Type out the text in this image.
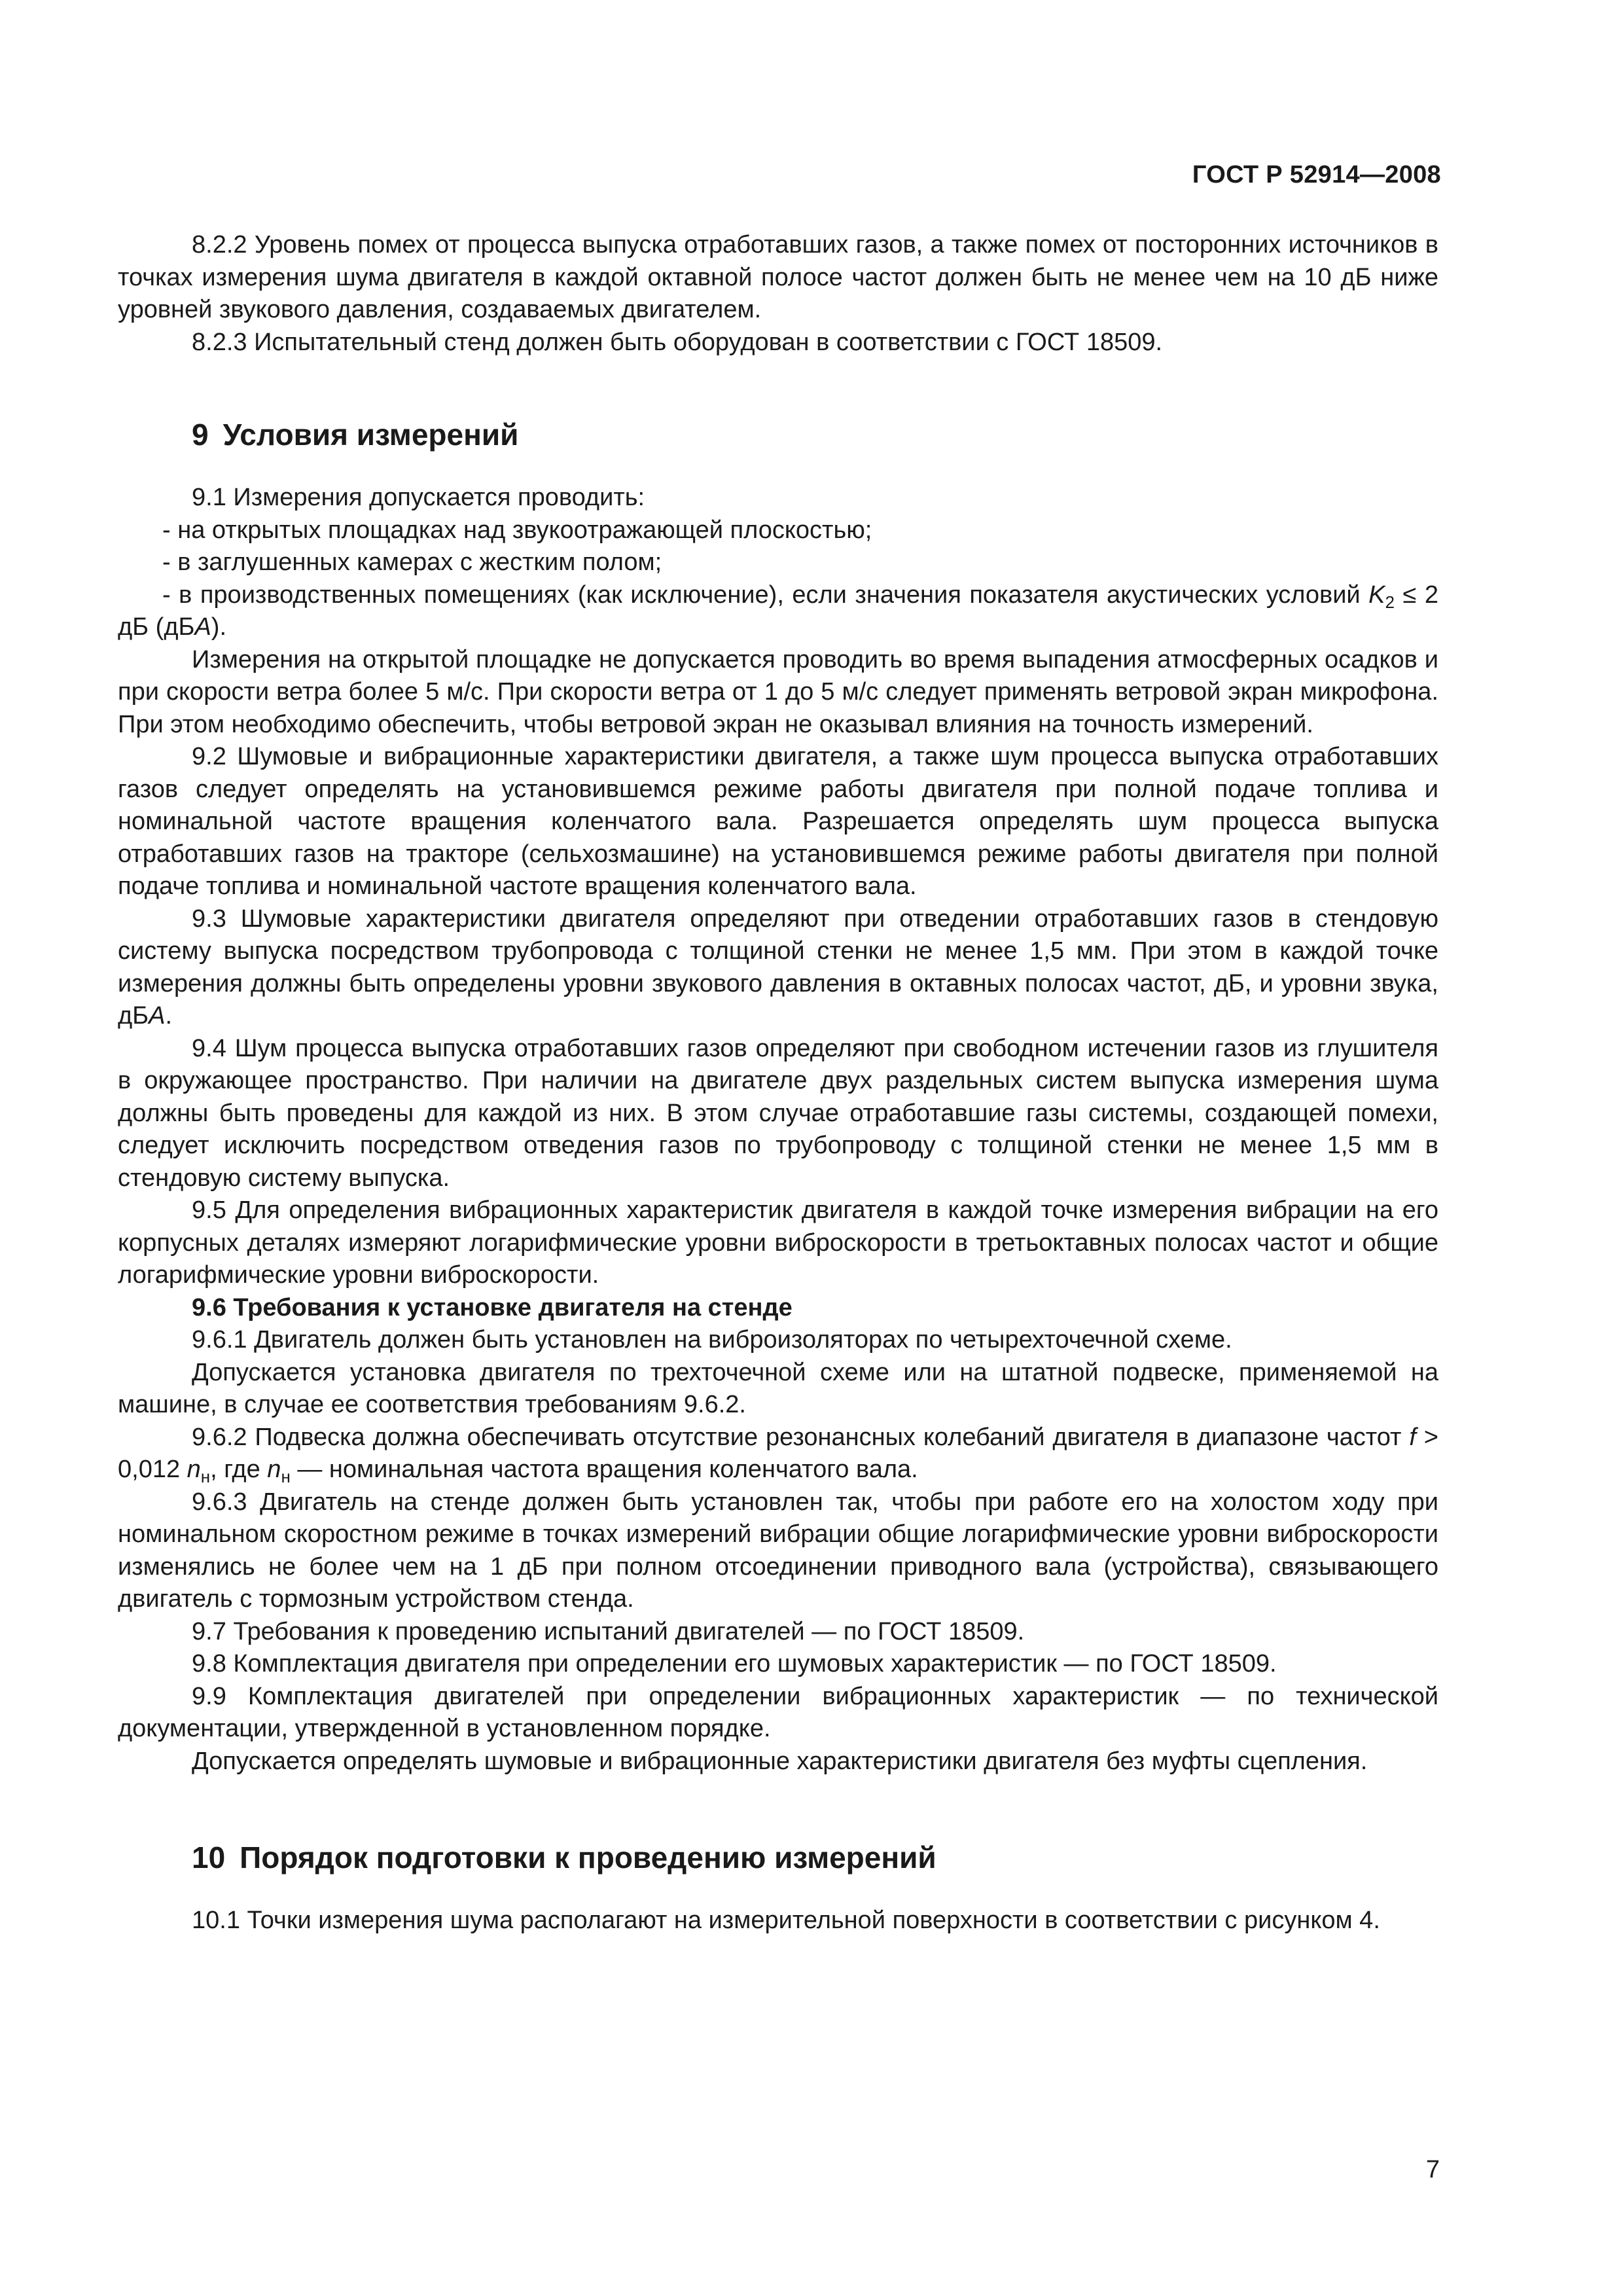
ГОСТ Р 52914—2008

8.2.2 Уровень помех от процесса выпуска отработавших газов, а также помех от посторонних источников в точках измерения шума двигателя в каждой октавной полосе частот должен быть не менее чем на 10 дБ ниже уровней звукового давления, создаваемых двигателем.

8.2.3 Испытательный стенд должен быть оборудован в соответствии с ГОСТ 18509.

9 Условия измерений

9.1 Измерения допускается проводить:

- на открытых площадках над звукоотражающей плоскостью;

- в заглушенных камерах с жестким полом;

- в производственных помещениях (как исключение), если значения показателя акустических условий $K_2 \le 2$ дБ (дБA).

Измерения на открытой площадке не допускается проводить во время выпадения атмосферных осадков и при скорости ветра более 5 м/с. При скорости ветра от 1 до 5 м/с следует применять ветровой экран микрофона. При этом необходимо обеспечить, чтобы ветровой экран не оказывал влияния на точность измерений.

9.2 Шумовые и вибрационные характеристики двигателя, а также шум процесса выпуска отработавших газов следует определять на установившемся режиме работы двигателя при полной подаче топлива и номинальной частоте вращения коленчатого вала. Разрешается определять шум процесса выпуска отработавших газов на тракторе (сельхозмашине) на установившемся режиме работы двигателя при полной подаче топлива и номинальной частоте вращения коленчатого вала.

9.3 Шумовые характеристики двигателя определяют при отведении отработавших газов в стендовую систему выпуска посредством трубопровода с толщиной стенки не менее 1,5 мм. При этом в каждой точке измерения должны быть определены уровни звукового давления в октавных полосах частот, дБ, и уровни звука, дБA.

9.4 Шум процесса выпуска отработавших газов определяют при свободном истечении газов из глушителя в окружающее пространство. При наличии на двигателе двух раздельных систем выпуска измерения шума должны быть проведены для каждой из них. В этом случае отработавшие газы системы, создающей помехи, следует исключить посредством отведения газов по трубопроводу с толщиной стенки не менее 1,5 мм в стендовую систему выпуска.

9.5 Для определения вибрационных характеристик двигателя в каждой точке измерения вибрации на его корпусных деталях измеряют логарифмические уровни виброскорости в третьоктавных полосах частот и общие логарифмические уровни виброскорости.

9.6 Требования к установке двигателя на стенде

9.6.1 Двигатель должен быть установлен на виброизоляторах по четырехточечной схеме.

Допускается установка двигателя по трехточечной схеме или на штатной подвеске, применяемой на машине, в случае ее соответствия требованиям 9.6.2.

9.6.2 Подвеска должна обеспечивать отсутствие резонансных колебаний двигателя в диапазоне частот f > 0,012 $n_н$, где $n_н$ — номинальная частота вращения коленчатого вала.

9.6.3 Двигатель на стенде должен быть установлен так, чтобы при работе его на холостом ходу при номинальном скоростном режиме в точках измерений вибрации общие логарифмические уровни виброскорости изменялись не более чем на 1 дБ при полном отсоединении приводного вала (устройства), связывающего двигатель с тормозным устройством стенда.

9.7 Требования к проведению испытаний двигателей — по ГОСТ 18509.

9.8 Комплектация двигателя при определении его шумовых характеристик — по ГОСТ 18509.

9.9 Комплектация двигателей при определении вибрационных характеристик — по технической документации, утвержденной в установленном порядке.

Допускается определять шумовые и вибрационные характеристики двигателя без муфты сцепления.

10 Порядок подготовки к проведению измерений

10.1 Точки измерения шума располагают на измерительной поверхности в соответствии с рисунком 4.

7
